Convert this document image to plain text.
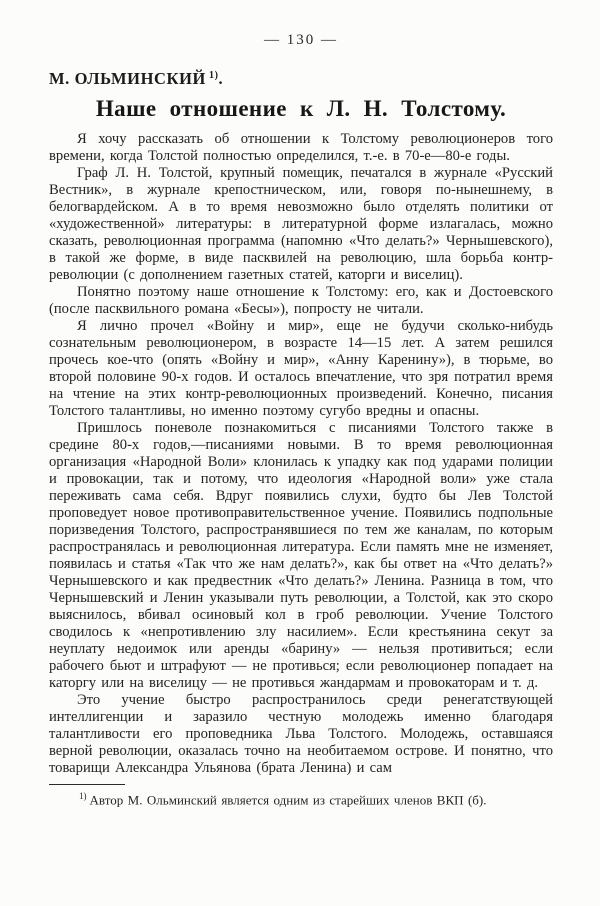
— 130 —
М. ОЛЬМИНСКИЙ $^{1)}$.
Наше отношение к Л. Н. Толстому.

Я хочу рассказать об отношении к Толстому революционеров того времени, когда Толстой полностью определился, т.-е. в 70-е—80-е годы.

Граф Л. Н. Толстой, крупный помещик, печатался в журнале «Русский Вестник», в журнале крепостническом, или, говоря по-нынешнему, в белогвардейском. А в то время невозможно было отделять политики от «художественной» литературы: в литературной форме излагалась, можно сказать, революционная программа (напомню «Что делать?» Чернышевского), в такой же форме, в виде пасквилей на революцию, шла борьба контр-революции (с дополнением газетных статей, каторги и виселиц).

Понятно поэтому наше отношение к Толстому: его, как и Достоевского (после пасквильного романа «Бесы»), попросту не читали.

Я лично прочел «Войну и мир», еще не будучи сколько-нибудь сознательным революционером, в возрасте 14—15 лет. А затем решился прочесь кое-что (опять «Войну и мир», «Анну Каренину»), в тюрьме, во второй половине 90-х годов. И осталось впечатление, что зря потратил время на чтение на этих контр-революционных произведений. Конечно, писания Толстого талантливы, но именно поэтому сугубо вредны и опасны.

Пришлось поневоле познакомиться с писаниями Толстого также в средине 80-х годов,—писаниями новыми. В то время революционная организация «Народной Воли» клонилась к упадку как под ударами полиции и провокации, так и потому, что идеология «Народной воли» уже стала переживать сама себя. Вдруг появились слухи, будто бы Лев Толстой проповедует новое противоправительственное учение. Появились подпольные поризведения Толстого, распространявшиеся по тем же каналам, по которым распространялась и революционная литература. Если память мне не изменяет, появилась и статья «Так что же нам делать?», как бы ответ на «Что делать?» Чернышевского и как предвестник «Что делать?» Ленина. Разница в том, что Чернышевский и Ленин указывали путь революции, а Толстой, как это скоро выяснилось, вбивал осиновый кол в гроб революции. Учение Толстого сводилось к «непротивлению злу насилием». Если крестьянина секут за неуплату недоимок или аренды «барину» — нельзя противиться; если рабочего бьют и штрафуют — не противься; если революционер попадает на каторгу или на виселицу — не противься жандармам и провокаторам и т. д.

Это учение быстро распространилось среди ренегатствующей интеллигенции и заразило честную молодежь именно благодаря талантливости его проповедника Льва Толстого. Молодежь, оставшаяся верной революции, оказалась точно на необитаемом острове. И понятно, что товарищи Александра Ульянова (брата Ленина) и сам

$^{1)}$ Автор М. Ольминский является одним из старейших членов ВКП (б).
